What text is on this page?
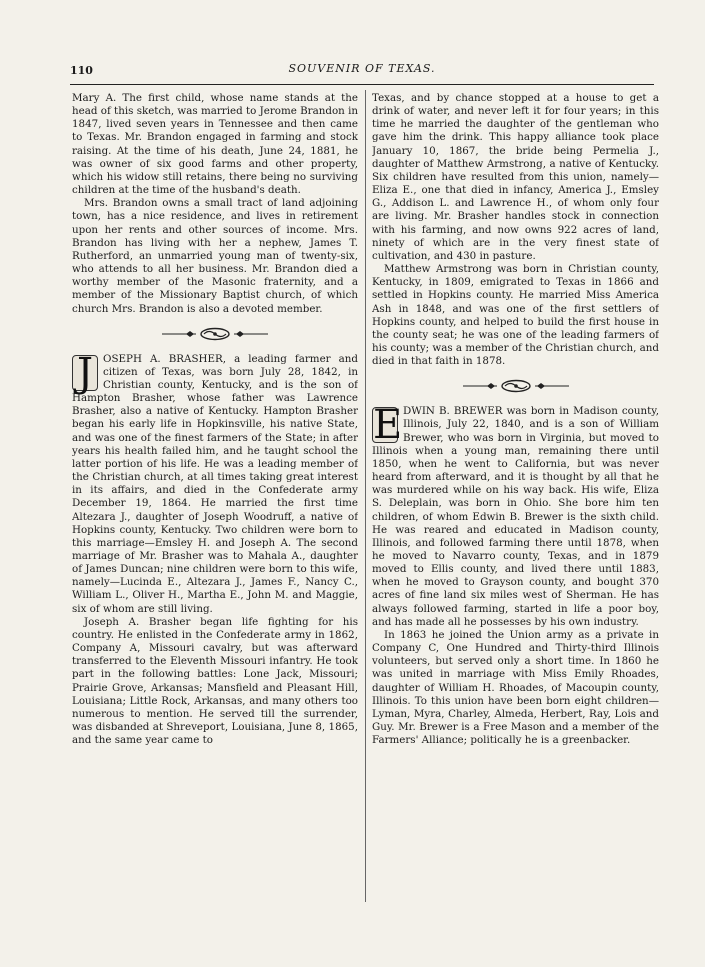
110	SOUVENIR OF TEXAS.

Mary A. The first child, whose name stands at the head of this sketch, was married to Jerome Brandon in 1847, lived seven years in Tennessee and then came to Texas. Mr. Brandon engaged in farming and stock raising. At the time of his death, June 24, 1881, he was owner of six good farms and other property, which his widow still retains, there being no surviving children at the time of the husband's death.

Mrs. Brandon owns a small tract of land adjoining town, has a nice residence, and lives in retirement upon her rents and other sources of income. Mrs. Brandon has living with her a nephew, James T. Rutherford, an unmarried young man of twenty-six, who attends to all her business. Mr. Brandon died a worthy member of the Masonic fraternity, and a member of the Missionary Baptist church, of which church Mrs. Brandon is also a devoted member.

J OSEPH A. BRASHER, a leading farmer and citizen of Texas, was born July 28, 1842, in Christian county, Kentucky, and is the son of Hampton Brasher, whose father was Lawrence Brasher, also a native of Kentucky. Hampton Brasher began his early life in Hopkinsville, his native State, and was one of the finest farmers of the State; in after years his health failed him, and he taught school the latter portion of his life. He was a leading member of the Christian church, at all times taking great interest in its affairs, and died in the Confederate army December 19, 1864. He married the first time Altezara J., daughter of Joseph Woodruff, a native of Hopkins county, Kentucky. Two children were born to this marriage—Emsley H. and Joseph A. The second marriage of Mr. Brasher was to Mahala A., daughter of James Duncan; nine children were born to this wife, namely—Lucinda E., Altezara J., James F., Nancy C., William L., Oliver H., Martha E., John M. and Maggie, six of whom are still living.

Joseph A. Brasher began life fighting for his country. He enlisted in the Confederate army in 1862, Company A, Missouri cavalry, but was afterward transferred to the Eleventh Missouri infantry. He took part in the following battles: Lone Jack, Missouri; Prairie Grove, Arkansas; Mansfield and Pleasant Hill, Louisiana; Little Rock, Arkansas, and many others too numerous to mention. He served till the surrender, was disbanded at Shreveport, Louisiana, June 8, 1865, and the same year came to

Texas, and by chance stopped at a house to get a drink of water, and never left it for four years; in this time he married the daughter of the gentleman who gave him the drink. This happy alliance took place January 10, 1867, the bride being Permelia J., daughter of Matthew Armstrong, a native of Kentucky. Six children have resulted from this union, namely—Eliza E., one that died in infancy, America J., Emsley G., Addison L. and Lawrence H., of whom only four are living. Mr. Brasher handles stock in connection with his farming, and now owns 922 acres of land, ninety of which are in the very finest state of cultivation, and 430 in pasture.

Matthew Armstrong was born in Christian county, Kentucky, in 1809, emigrated to Texas in 1866 and settled in Hopkins county. He married Miss America Ash in 1848, and was one of the first settlers of Hopkins county, and helped to build the first house in the county seat; he was one of the leading farmers of his county; was a member of the Christian church, and died in that faith in 1878.

E DWIN B. BREWER was born in Madison county, Illinois, July 22, 1840, and is a son of William Brewer, who was born in Virginia, but moved to Illinois when a young man, remaining there until 1850, when he went to California, but was never heard from afterward, and it is thought by all that he was murdered while on his way back. His wife, Eliza S. Deleplain, was born in Ohio. She bore him ten children, of whom Edwin B. Brewer is the sixth child. He was reared and educated in Madison county, Illinois, and followed farming there until 1878, when he moved to Navarro county, Texas, and in 1879 moved to Ellis county, and lived there until 1883, when he moved to Grayson county, and bought 370 acres of fine land six miles west of Sherman. He has always followed farming, started in life a poor boy, and has made all he possesses by his own industry.

In 1863 he joined the Union army as a private in Company C, One Hundred and Thirty-third Illinois volunteers, but served only a short time. In 1860 he was united in marriage with Miss Emily Rhoades, daughter of William H. Rhoades, of Macoupin county, Illinois. To this union have been born eight children—Lyman, Myra, Charley, Almeda, Herbert, Ray, Lois and Guy. Mr. Brewer is a Free Mason and a member of the Farmers' Alliance; politically he is a greenbacker.
